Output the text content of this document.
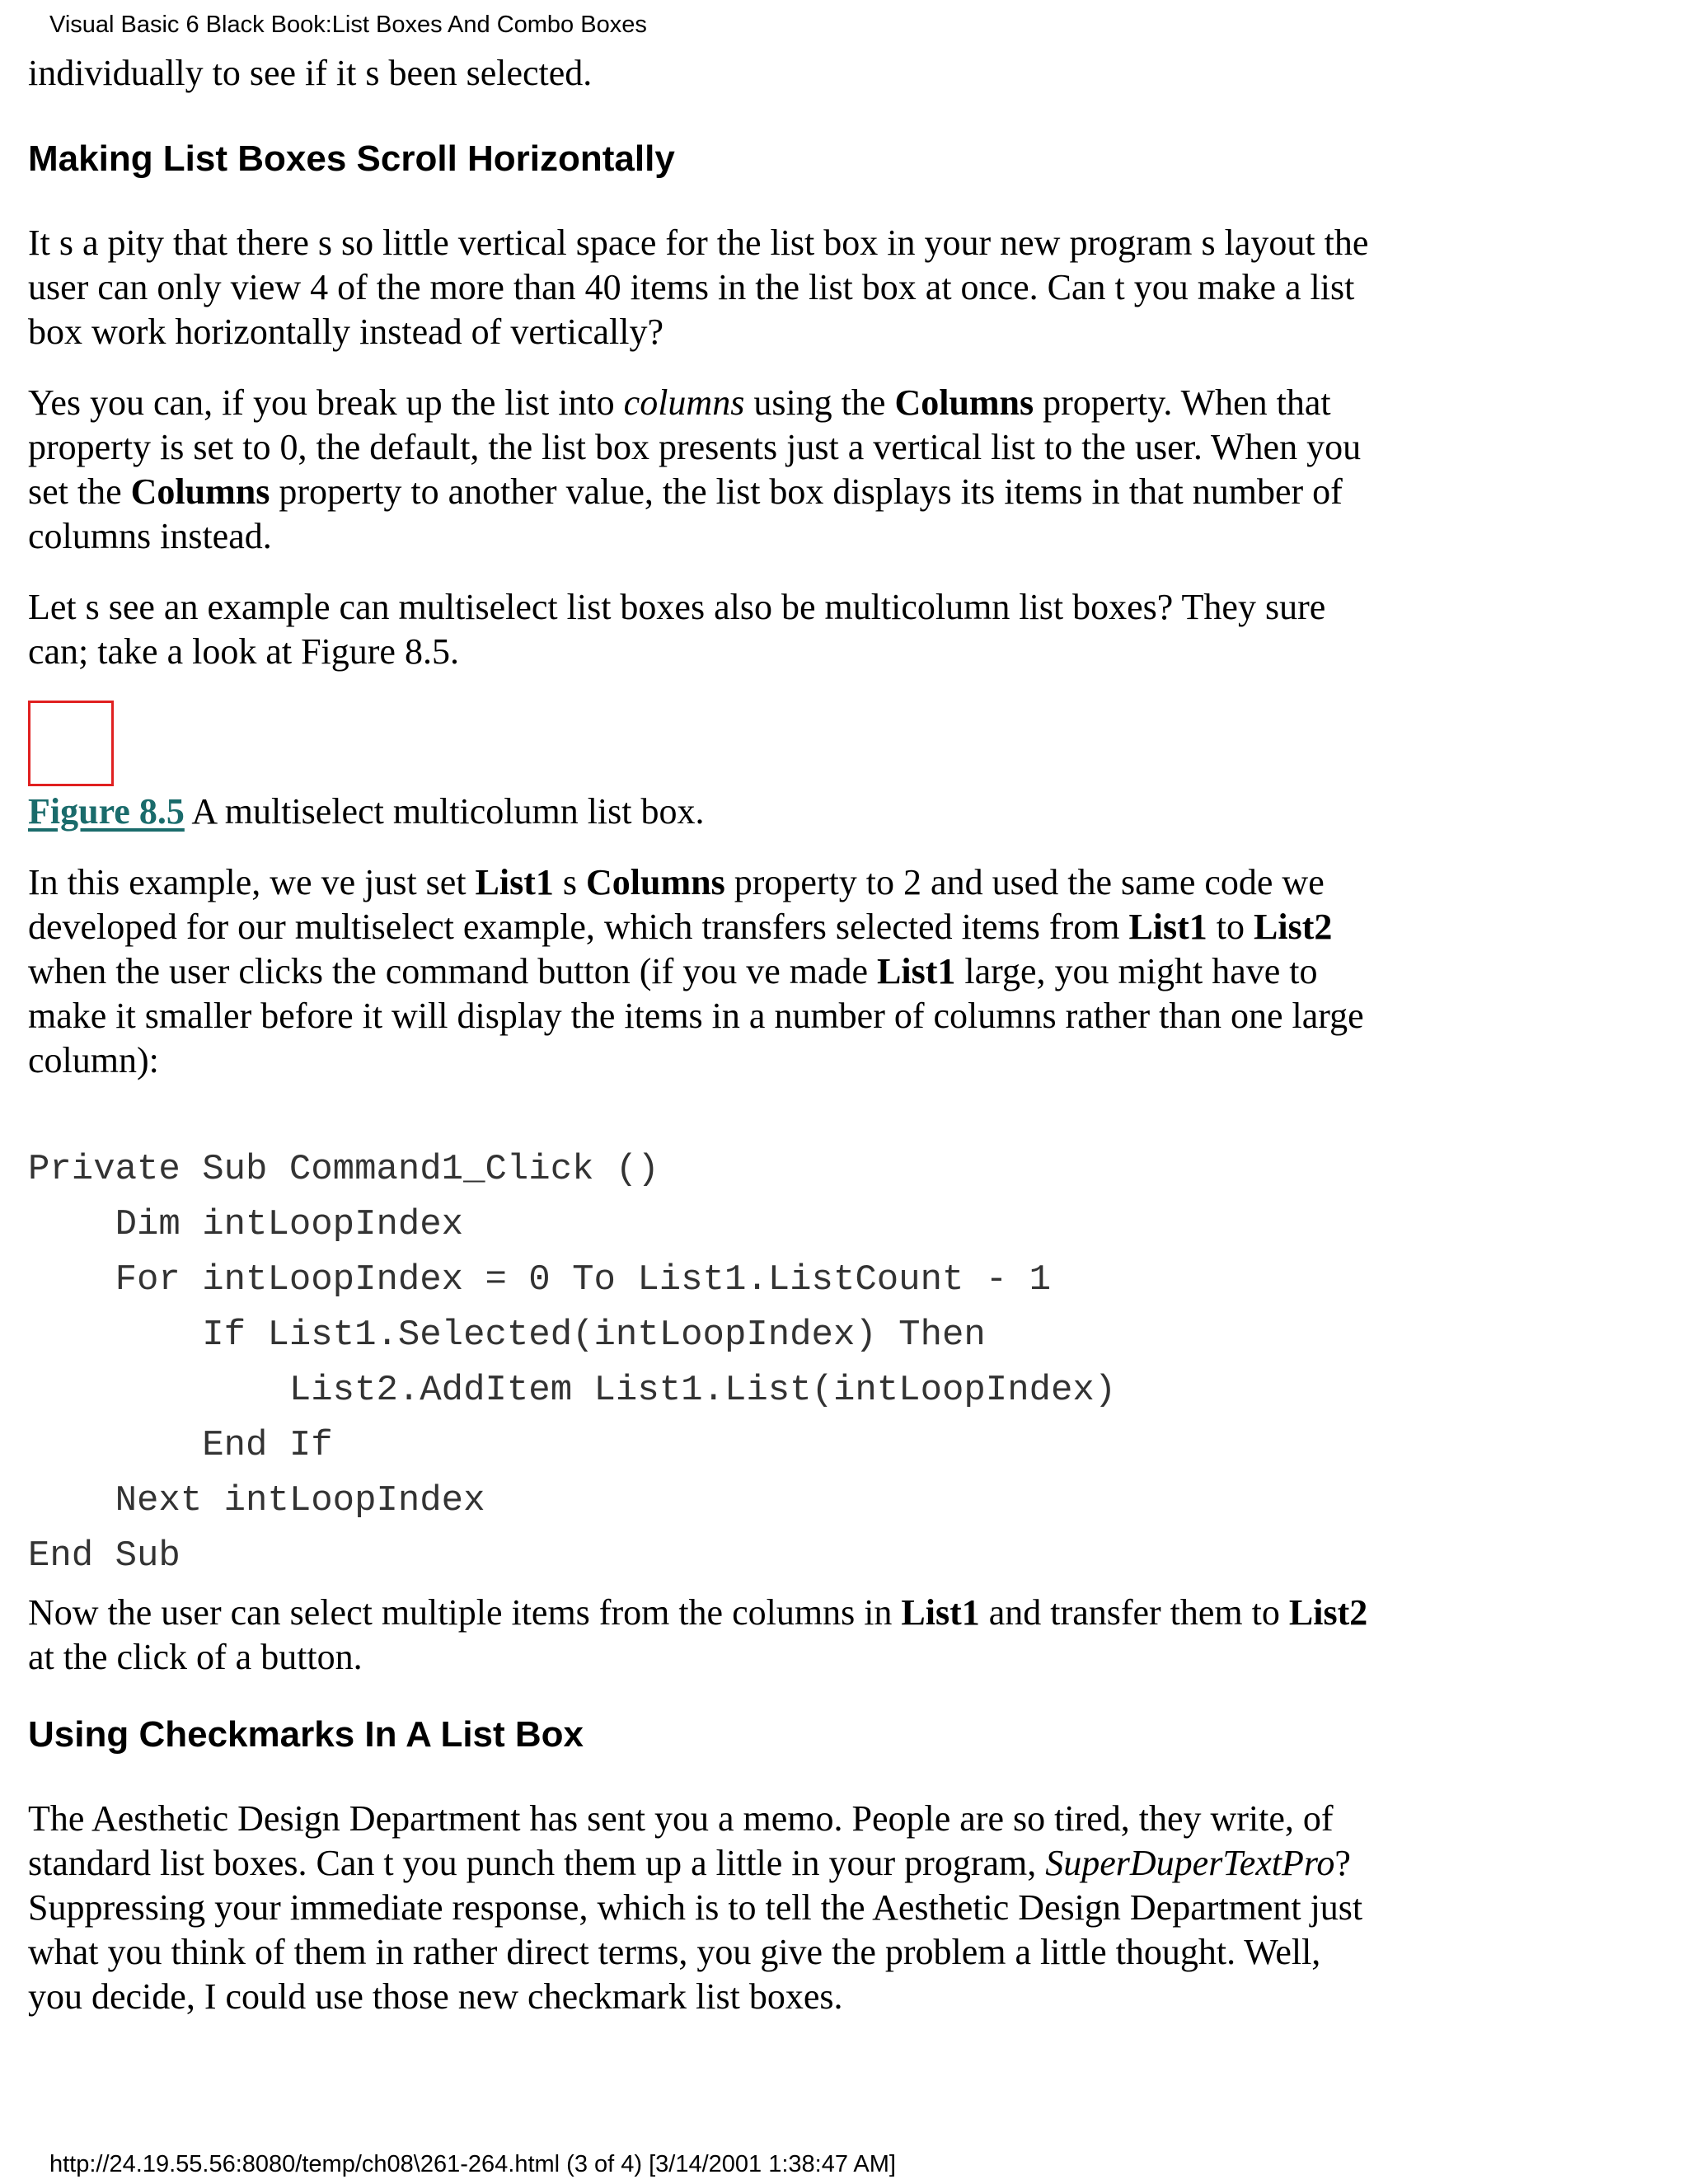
Visual Basic 6 Black Book:List Boxes And Combo Boxes

individually to see if it s been selected.

Making List Boxes Scroll Horizontally

It s a pity that there s so little vertical space for the list box in your new program s layout the user can only view 4 of the more than 40 items in the list box at once. Can t you make a list box work horizontally instead of vertically?

Yes you can, if you break up the list into columns using the Columns property. When that property is set to 0, the default, the list box presents just a vertical list to the user. When you set the Columns property to another value, the list box displays its items in that number of columns instead.

Let s see an example can multiselect list boxes also be multicolumn list boxes? They sure can; take a look at Figure 8.5.

Figure 8.5 A multiselect multicolumn list box.

In this example, we ve just set List1 s Columns property to 2 and used the same code we developed for our multiselect example, which transfers selected items from List1 to List2 when the user clicks the command button (if you ve made List1 large, you might have to make it smaller before it will display the items in a number of columns rather than one large column):

Private Sub Command1_Click ()
Dim intLoopIndex
For intLoopIndex = 0 To List1.ListCount - 1
If List1.Selected(intLoopIndex) Then
List2.AddItem List1.List(intLoopIndex)
End If
Next intLoopIndex
End Sub

Now the user can select multiple items from the columns in List1 and transfer them to List2 at the click of a button.

Using Checkmarks In A List Box

The Aesthetic Design Department has sent you a memo. People are so tired, they write, of standard list boxes. Can t you punch them up a little in your program, SuperDuperTextPro? Suppressing your immediate response, which is to tell the Aesthetic Design Department just what you think of them in rather direct terms, you give the problem a little thought. Well, you decide, I could use those new checkmark list boxes.

http://24.19.55.56:8080/temp/ch08\261-264.html (3 of 4) [3/14/2001 1:38:47 AM]
